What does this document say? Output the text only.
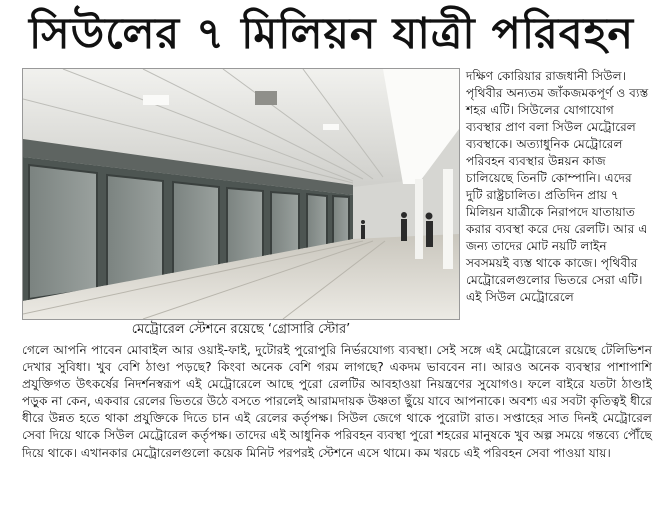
সিউলের ৭ মিলিয়ন যাত্রী পরিবহন
মেট্রোরেল স্টেশনে রয়েছে ‘গ্রোসারি স্টোর’
দক্ষিণ কোরিয়ার রাজধানী সিউল। পৃথিবীর অন্যতম জাঁকজমকপূর্ণ ও ব্যস্ত শহর এটি। সিউলের যোগাযোগ ব্যবস্থার প্রাণ বলা সিউল মেট্রোরেল ব্যবস্থাকে। অত্যাধুনিক মেট্রোরেল পরিবহন ব্যবস্থার উন্নয়ন কাজ চালিয়েছে তিনটি কোম্পানি। এদের দুটি রাষ্ট্রচালিত। প্রতিদিন প্রায় ৭ মিলিয়ন যাত্রীকে নিরাপদে যাতায়াত করার ব্যবস্থা করে দেয় রেলটি। আর এ জন্য তাদের মোট নয়টি লাইন সবসময়ই ব্যস্ত থাকে কাজে। পৃথিবীর মেট্রোরেলগুলোর ভিতরে সেরা এটি। এই সিউল মেট্রোরেলে
গেলে আপনি পাবেন মোবাইল আর ওয়াই-ফাই, দুটোরই পুরোপুরি নির্ভরযোগ্য ব্যবস্থা। সেই সঙ্গে এই মেট্রোরেলে রয়েছে টেলিভিশন দেখার সুবিধা। খুব বেশি ঠাণ্ডা পড়ছে? কিংবা অনেক বেশি গরম লাগছে? একদম ভাববেন না। আরও অনেক ব্যবস্থার পাশাপাশি প্রযুক্তিগত উৎকর্ষের নিদর্শনস্বরূপ এই মেট্রোরেলে আছে পুরো রেলটির আবহাওয়া নিয়ন্ত্রণের সুযোগও। ফলে বাইরে যতটা ঠাণ্ডাই পড়ুক না কেন, একবার রেলের ভিতরে উঠে বসতে পারলেই আরামদায়ক উষ্ণতা ছুঁয়ে যাবে আপনাকে। অবশ্য এর সবটা কৃতিত্বই ধীরে ধীরে উন্নত হতে থাকা প্রযুক্তিকে দিতে চান এই রেলের কর্তৃপক্ষ। সিউল জেগে থাকে পুরোটা রাত। সপ্তাহের সাত দিনই মেট্রোরেল সেবা দিয়ে থাকে সিউল মেট্রোরেল কর্তৃপক্ষ। তাদের এই আধুনিক পরিবহন ব্যবস্থা পুরো শহরের মানুষকে খুব অল্প সময়ে গন্তব্যে পৌঁছে দিয়ে থাকে। এখানকার মেট্রোরেলগুলো কয়েক মিনিট পরপরই স্টেশনে এসে থামে। কম খরচে এই পরিবহন সেবা পাওয়া যায়।
